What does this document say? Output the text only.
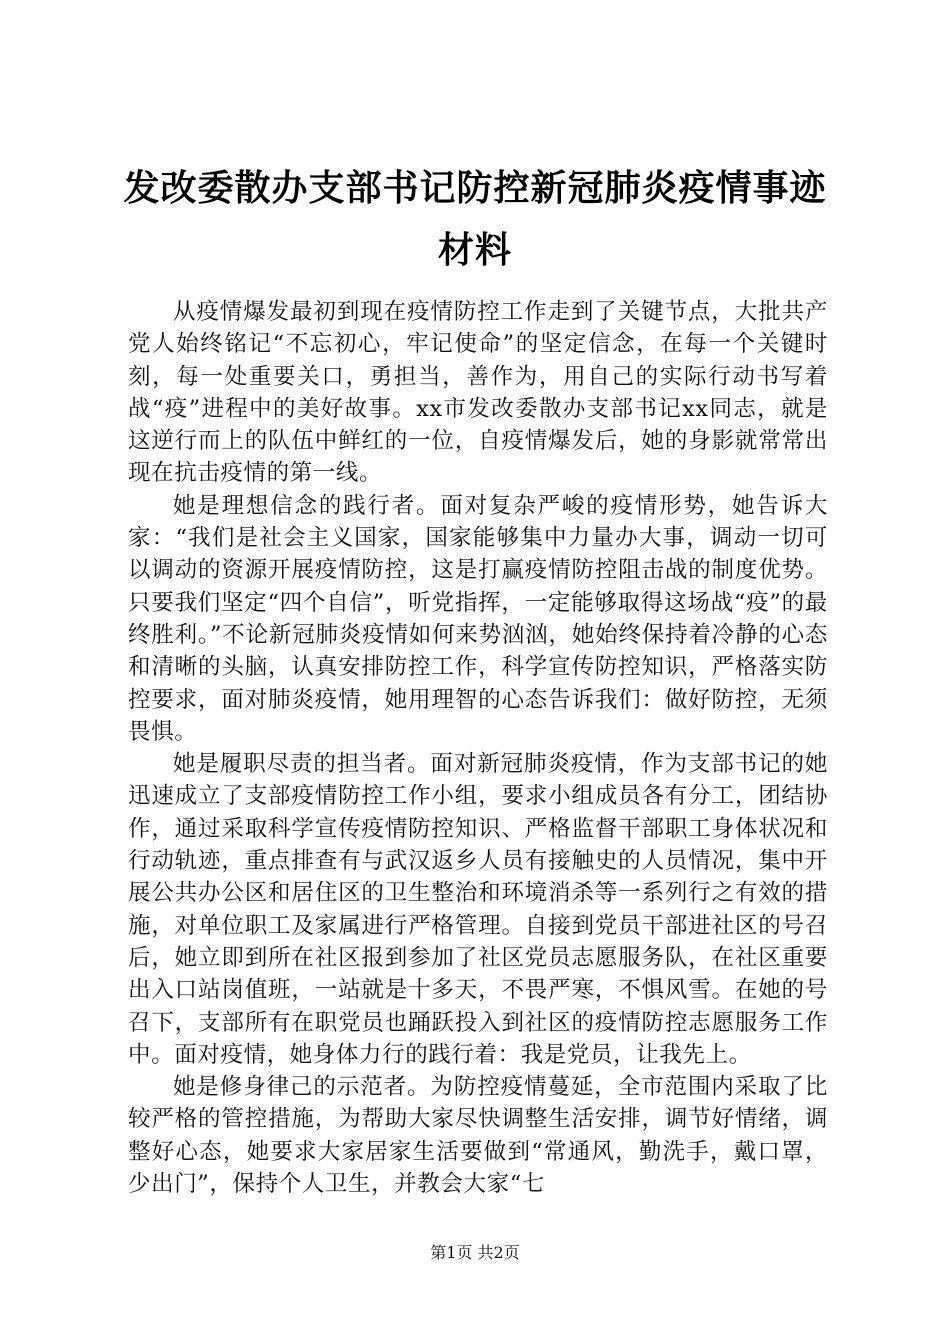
发改委散办支部书记防控新冠肺炎疫情事迹材料

从疫情爆发最初到现在疫情防控工作走到了关键节点，大批共产党人始终铭记“不忘初心，牢记使命”的坚定信念，在每一个关键时刻，每一处重要关口，勇担当，善作为，用自己的实际行动书写着战“疫”进程中的美好故事。xx市发改委散办支部书记xx同志，就是这逆行而上的队伍中鲜红的一位，自疫情爆发后，她的身影就常常出现在抗击疫情的第一线。

她是理想信念的践行者。面对复杂严峻的疫情形势，她告诉大家：“我们是社会主义国家，国家能够集中力量办大事，调动一切可以调动的资源开展疫情防控，这是打赢疫情防控阻击战的制度优势。只要我们坚定“四个自信”，听党指挥，一定能够取得这场战“疫”的最终胜利。”不论新冠肺炎疫情如何来势汹汹，她始终保持着冷静的心态和清晰的头脑，认真安排防控工作，科学宣传防控知识，严格落实防控要求，面对肺炎疫情，她用理智的心态告诉我们：做好防控，无须畏惧。

她是履职尽责的担当者。面对新冠肺炎疫情，作为支部书记的她迅速成立了支部疫情防控工作小组，要求小组成员各有分工，团结协作，通过采取科学宣传疫情防控知识、严格监督干部职工身体状况和行动轨迹，重点排查有与武汉返乡人员有接触史的人员情况，集中开展公共办公区和居住区的卫生整治和环境消杀等一系列行之有效的措施，对单位职工及家属进行严格管理。自接到党员干部进社区的号召后，她立即到所在社区报到参加了社区党员志愿服务队，在社区重要出入口站岗值班，一站就是十多天，不畏严寒，不惧风雪。在她的号召下，支部所有在职党员也踊跃投入到社区的疫情防控志愿服务工作中。面对疫情，她身体力行的践行着：我是党员，让我先上。

她是修身律己的示范者。为防控疫情蔓延，全市范围内采取了比较严格的管控措施，为帮助大家尽快调整生活安排，调节好情绪，调整好心态，她要求大家居家生活要做到“常通风，勤洗手，戴口罩，少出门”，保持个人卫生，并教会大家“七

第1页 共2页
